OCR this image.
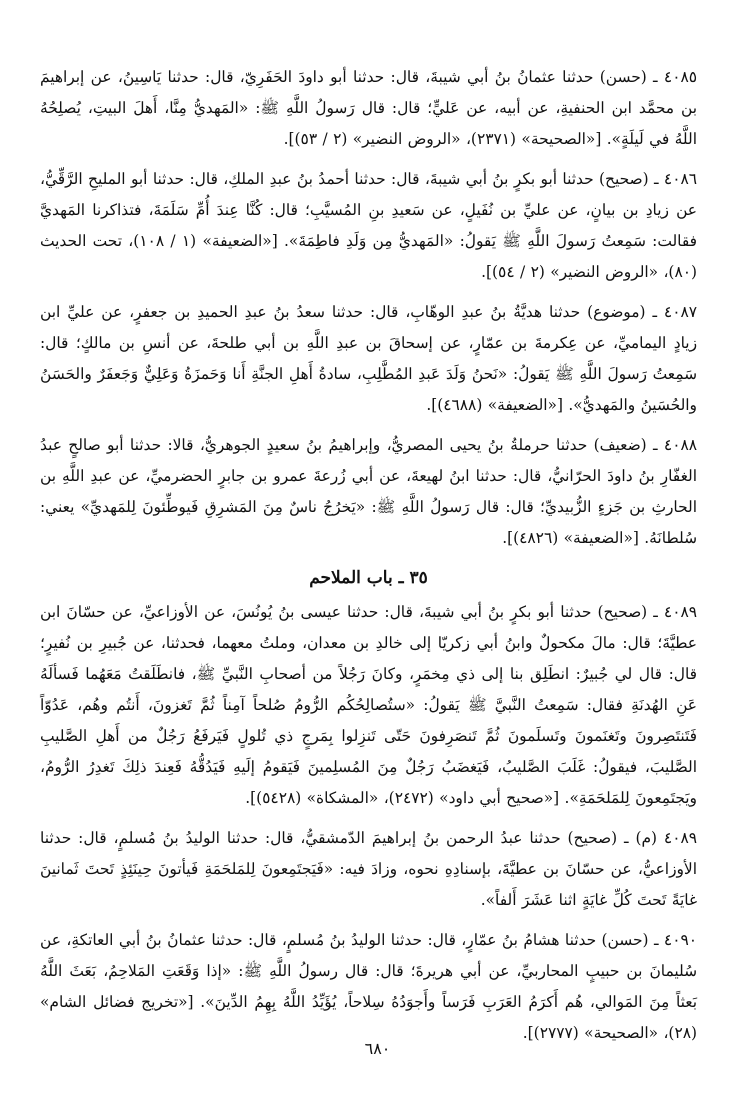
٤٠٨٥ ـ (حسن) حدثنا عثمانُ بنُ أبي شيبةَ، قال: حدثنا أبو داودَ الحَفَرِيّ، قال: حدثنا يَاسِينُ، عن إبراهيمَ بن محمَّد ابن الحنفيةِ، عن أبيه، عن عَليٍّ؛ قال: قال رَسولُ اللَّهِ ﷺ: «المَهديُّ مِنَّا، أَهلَ البيتِ، يُصلِحُهُ اللَّهُ في لَيلَةٍ». [«الصحيحة» (٢٣٧١)، «الروض النضير» (٢ / ٥٣)].

٤٠٨٦ ـ (صحيح) حدثنا أبو بكرٍ بنُ أبي شيبةَ، قال: حدثنا أحمدُ بنُ عبدِ الملكِ، قال: حدثنا أبو المليحِ الرَّقِّيُّ، عن زيادِ بن بيانٍ، عن عليِّ بن نُفَيلٍ، عن سَعيدِ بنِ المُسيَّبِ؛ قال: كُنَّا عِندَ أُمِّ سَلَمَةَ، فتذاكرنا المَهديَّ فقالت: سَمِعتُ رَسولَ اللَّهِ ﷺ يَقولُ: «المَهديُّ مِن وَلَدِ فاطِمَةَ». [«الضعيفة» (١ / ١٠٨)، تحت الحديث (٨٠)، «الروض النضير» (٢ / ٥٤)].

٤٠٨٧ ـ (موضوع) حدثنا هديَّةُ بنُ عبدِ الوهّابِ، قال: حدثنا سعدُ بنُ عبدِ الحميدِ بن جعفرٍ، عن عليِّ ابن زيادٍ اليماميِّ، عن عِكرمةَ بن عمّارٍ، عن إسحاقَ بن عبدِ اللَّهِ بن أبي طلحةَ، عن أنسِ بن مالكٍ؛ قال: سَمِعتُ رَسولَ اللَّهِ ﷺ يَقولُ: «نَحنُ وَلَدَ عَبدِ المُطَّلِبِ، سادةُ أَهلِ الجنَّةِ أَنا وَحَمزَةُ وَعَلِيٌّ وَجَعفَرٌ والحَسَنُ والحُسَينُ والمَهديُّ». [«الضعيفة» (٤٦٨٨)].

٤٠٨٨ ـ (ضعيف) حدثنا حرملةُ بنُ يحيى المصريُّ، وإبراهيمُ بنُ سعيدٍ الجوهريُّ، قالا: حدثنا أبو صالحٍ عبدُ الغفّارِ بنُ داودَ الحرّانيُّ، قال: حدثنا ابنُ لهيعةَ، عن أبي زُرعةَ عمرو بن جابرٍ الحضرميِّ، عن عبدِ اللَّهِ بن الحارثِ بن جَزءٍ الزُّبيديِّ؛ قال: قال رَسولُ اللَّهِ ﷺ: «يَخرُجُ ناسٌ مِنَ المَشرِقِ فَيوطِّئونَ لِلمَهديِّ» يعني: سُلطانَهُ. [«الضعيفة» (٤٨٢٦)].

٣٥ ـ باب الملاحم

٤٠٨٩ ـ (صحيح) حدثنا أبو بكرٍ بنُ أبي شيبةَ، قال: حدثنا عيسى بنُ يُونُسَ، عن الأوزاعيِّ، عن حسّانَ ابن عطيَّةَ؛ قال: مالَ مكحولٌ وابنُ أبي زكريّا إلى خالدِ بن معدان، وملتُ معهما، فحدثنا، عن جُبيرِ بن نُفيرٍ؛ قال: قال لي جُبيرٌ: انطَلِق بنا إلى ذي مِخمَرٍ، وكانَ رَجُلاً من أصحابِ النَّبيِّ ﷺ، فانطَلَقتُ مَعَهُما فَسألَهُ عَنِ الهُدنَةِ فقال: سَمِعتُ النَّبيَّ ﷺ يَقولُ: «ستُصالِحُكُم الرُّومُ صُلحاً آمِناً ثُمَّ تَغزونَ، أَنتُم وهُم، عَدُوّاً فَتَنتَصِرونَ وتَغنَمونَ وتَسلَمونَ ثُمَّ تَنصَرِفونَ حَتّى تَنزِلوا بِمَرجٍ ذي تُلولٍ فَيَرفَعُ رَجُلٌ من أَهلِ الصَّليبِ الصَّليبَ، فيقولُ: غَلَبَ الصَّليبُ، فَيَغضَبُ رَجُلٌ مِنَ المُسلِمينَ فَيَقومُ إلَيهِ فَيَدُقُّهُ فَعِندَ ذلِكَ تَغدِرُ الرُّومُ، ويَجتَمِعونَ لِلمَلحَمَةِ». [«صحيح أبي داود» (٢٤٧٢)، «المشكاة» (٥٤٢٨)].

٤٠٨٩ (م) ـ (صحيح) حدثنا عبدُ الرحمن بنُ إبراهيمَ الدّمشقيُّ، قال: حدثنا الوليدُ بنُ مُسلمٍ، قال: حدثنا الأوزاعيُّ، عن حسّانَ بن عطيَّةَ، بإسنادِهِ نحوه، وزادَ فيه: «فَيَجتَمِعونَ لِلمَلحَمَةِ فَيأتونَ حِينَئِذٍ تَحتَ ثَمانينَ غايَةً تَحتَ كُلِّ غايَةٍ اثنا عَشَرَ أَلفاً».

٤٠٩٠ ـ (حسن) حدثنا هشامُ بنُ عمّارٍ، قال: حدثنا الوليدُ بنُ مُسلمٍ، قال: حدثنا عثمانُ بنُ أبي العاتكةِ، عن سُليمانَ بن حبيبٍ المحاربيِّ، عن أبي هريرةَ؛ قال: قال رسولُ اللَّهِ ﷺ: «إذا وَقَعَتِ المَلاحِمُ، بَعَثَ اللَّهُ بَعثاً مِنَ المَوالي، هُم أَكرَمُ العَرَبِ فَرَساً وأَجوَدُهُ سِلاحاً، يُؤَيِّدُ اللَّهُ بِهِمُ الدِّينَ». [«تخريج فضائل الشام» (٢٨)، «الصحيحة» (٢٧٧٧)].

٦٨٠
